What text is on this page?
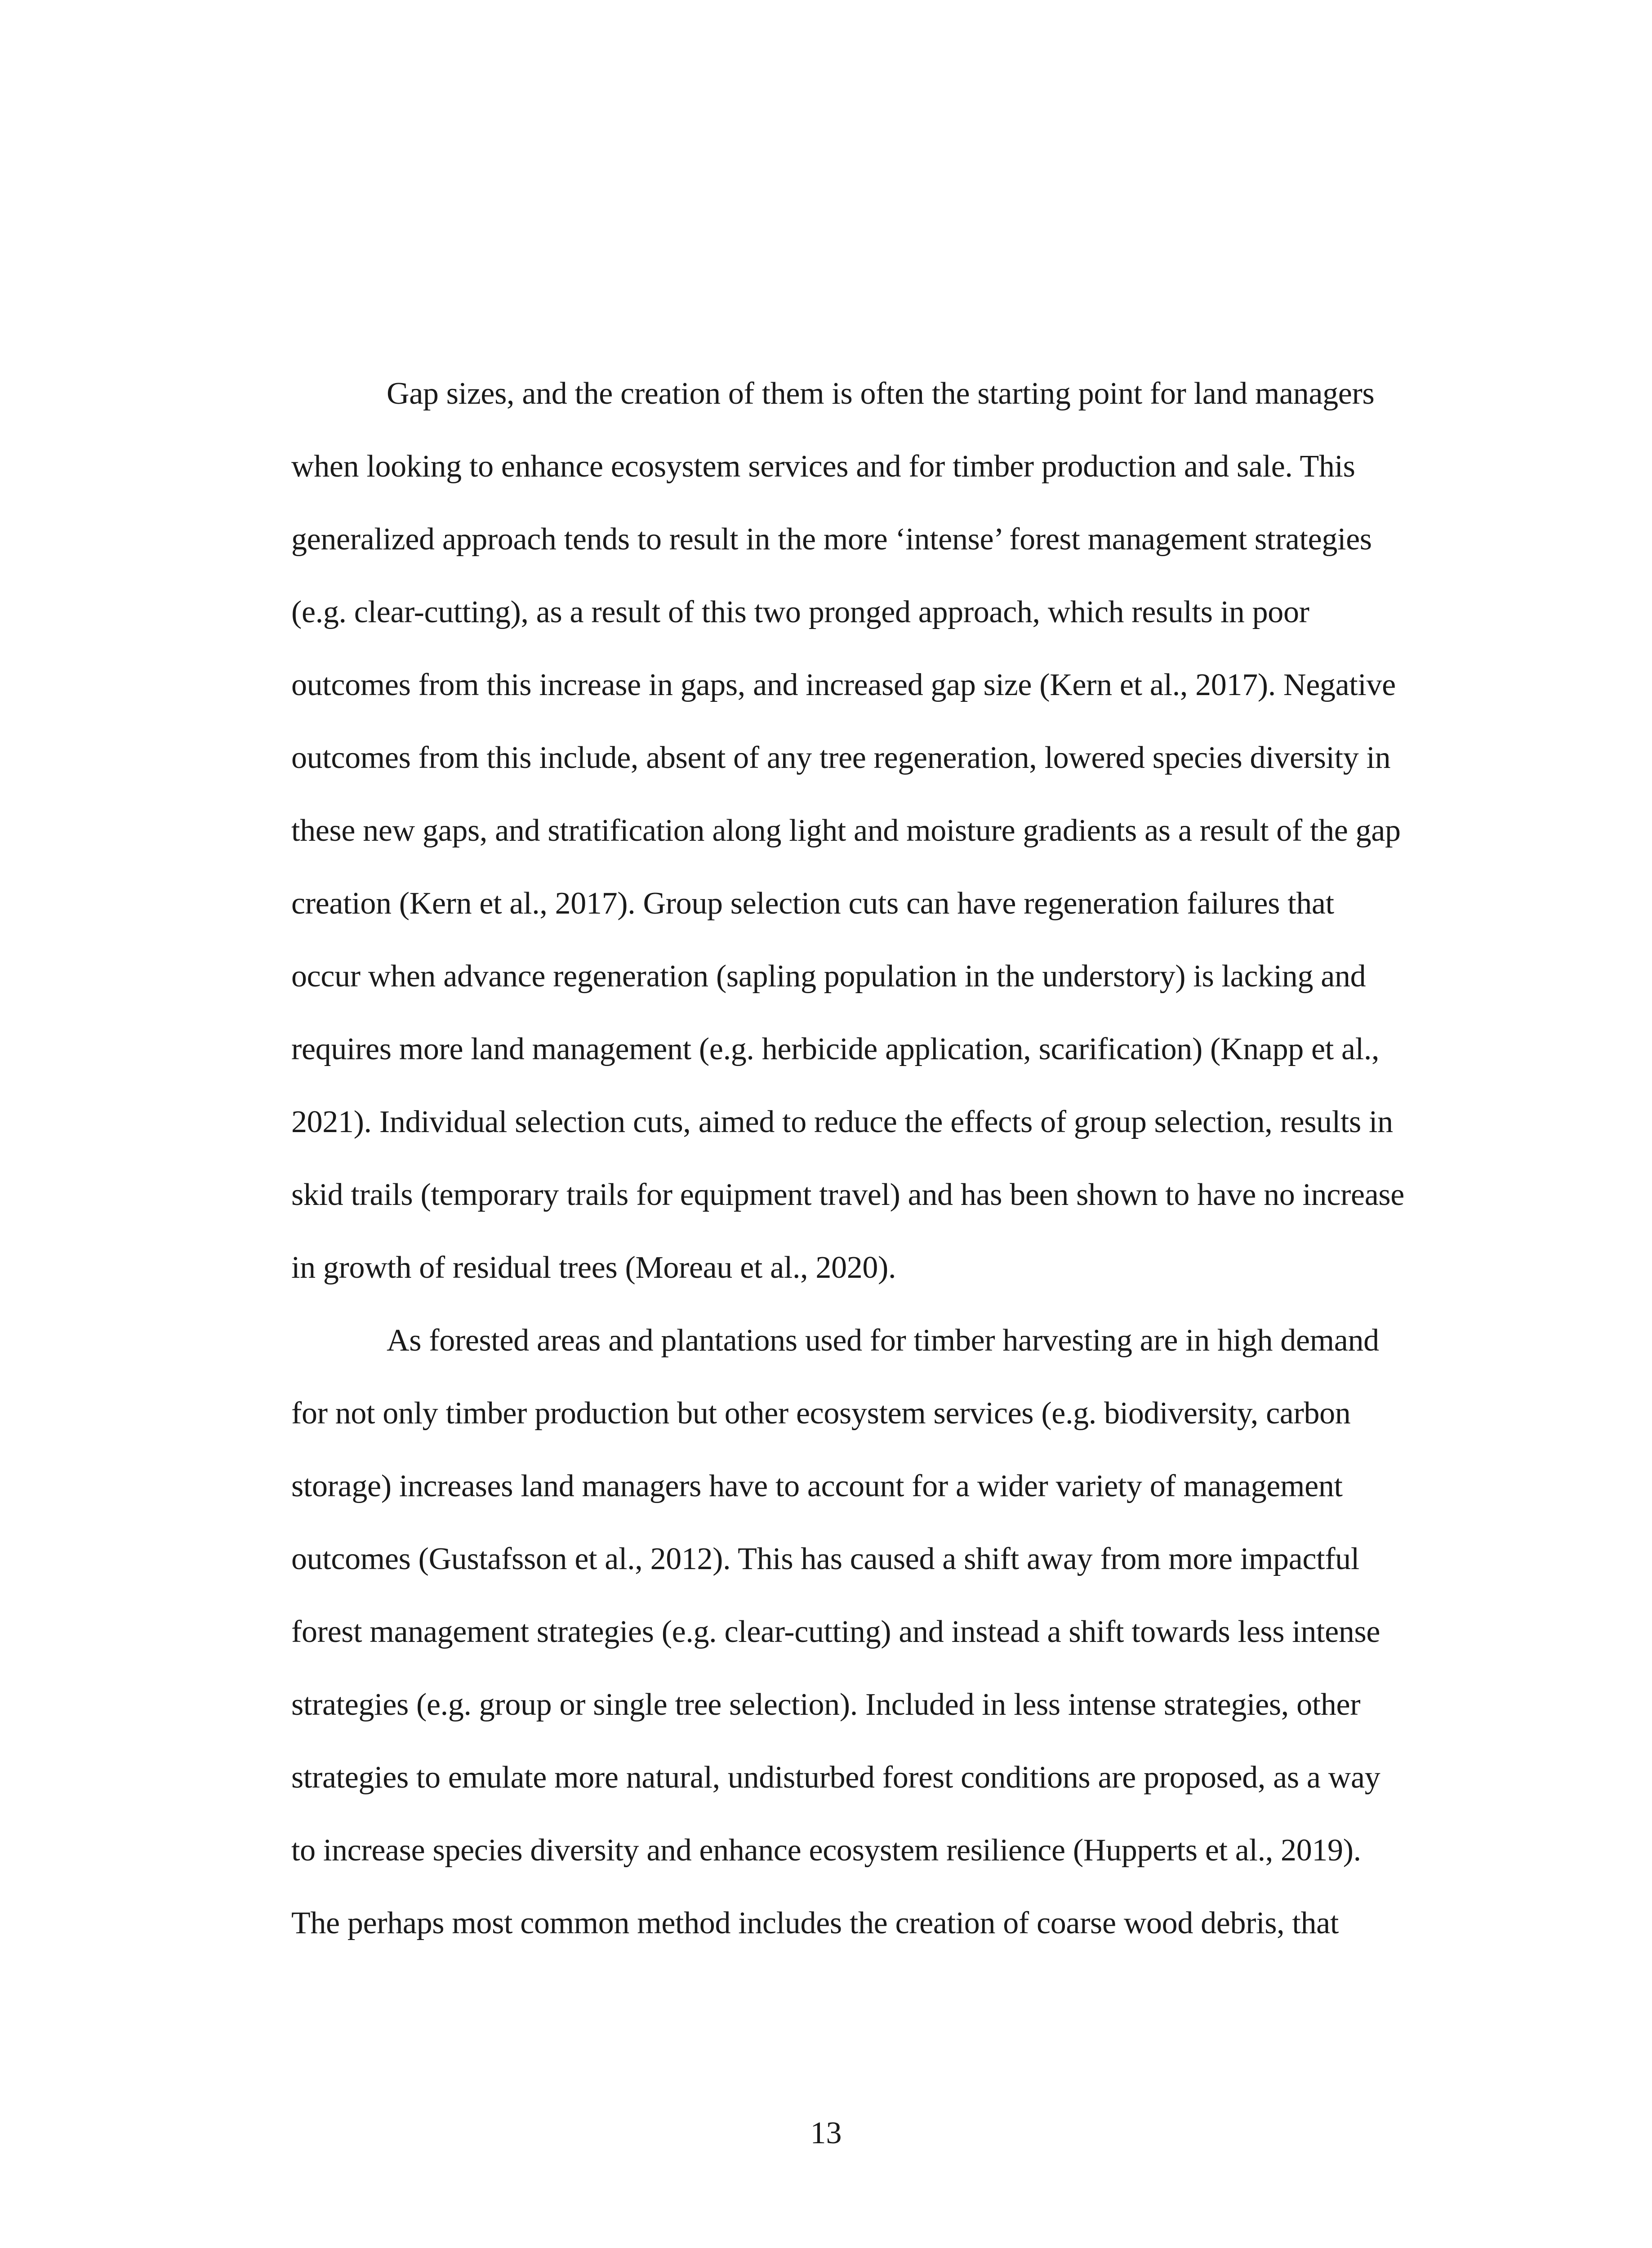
Gap sizes, and the creation of them is often the starting point for land managers
when looking to enhance ecosystem services and for timber production and sale. This
generalized approach tends to result in the more ‘intense’ forest management strategies
(e.g. clear-cutting), as a result of this two pronged approach, which results in poor
outcomes from this increase in gaps, and increased gap size (Kern et al., 2017). Negative
outcomes from this include, absent of any tree regeneration, lowered species diversity in
these new gaps, and stratification along light and moisture gradients as a result of the gap
creation (Kern et al., 2017). Group selection cuts can have regeneration failures that
occur when advance regeneration (sapling population in the understory) is lacking and
requires more land management (e.g. herbicide application, scarification) (Knapp et al.,
2021). Individual selection cuts, aimed to reduce the effects of group selection, results in
skid trails (temporary trails for equipment travel) and has been shown to have no increase
in growth of residual trees (Moreau et al., 2020).
As forested areas and plantations used for timber harvesting are in high demand
for not only timber production but other ecosystem services (e.g. biodiversity, carbon
storage) increases land managers have to account for a wider variety of management
outcomes (Gustafsson et al., 2012). This has caused a shift away from more impactful
forest management strategies (e.g. clear-cutting) and instead a shift towards less intense
strategies (e.g. group or single tree selection). Included in less intense strategies, other
strategies to emulate more natural, undisturbed forest conditions are proposed, as a way
to increase species diversity and enhance ecosystem resilience (Hupperts et al., 2019).
The perhaps most common method includes the creation of coarse wood debris, that
13
